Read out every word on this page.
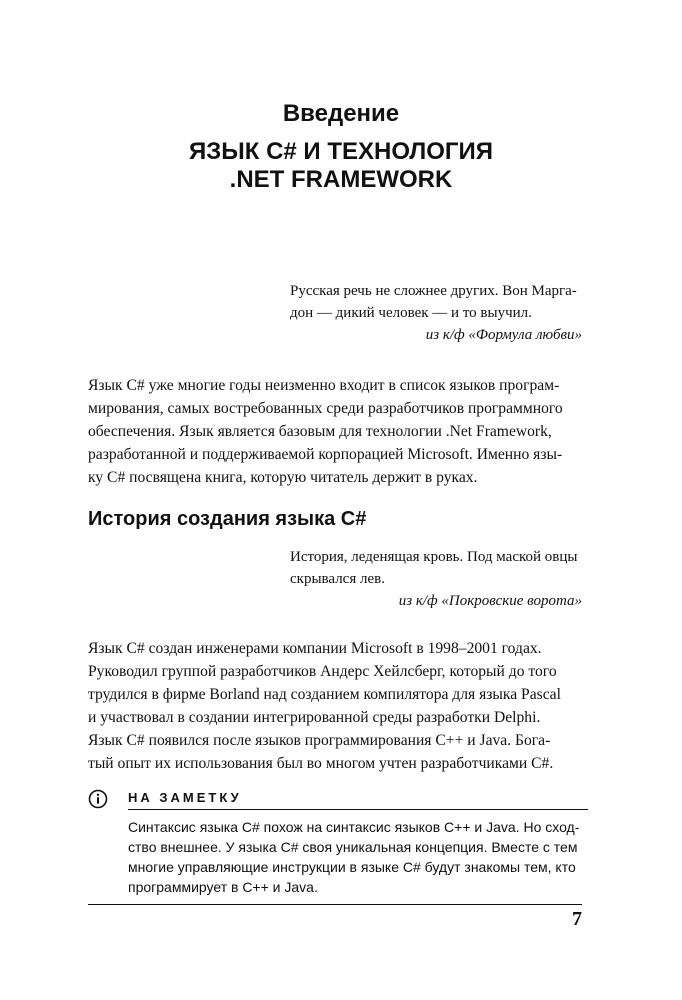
Введение
ЯЗЫК C# И ТЕХНОЛОГИЯ
.NET FRAMEWORK
Русская речь не сложнее других. Вон Марга-
дон — дикий человек — и то выучил.
из к/ф «Формула любви»
Язык C# уже многие годы неизменно входит в список языков програм-
мирования, самых востребованных среди разработчиков программного
обеспечения. Язык является базовым для технологии .Net Framework,
разработанной и поддерживаемой корпорацией Microsoft. Именно язы-
ку C# посвящена книга, которую читатель держит в руках.
История создания языка C#
История, леденящая кровь. Под маской овцы
скрывался лев.
из к/ф «Покровские ворота»
Язык C# создан инженерами компании Microsoft в 1998–2001 годах.
Руководил группой разработчиков Андерс Хейлсберг, который до того
трудился в фирме Borland над созданием компилятора для языка Pascal
и участвовал в создании интегрированной среды разработки Delphi.
Язык C# появился после языков программирования C++ и Java. Бога-
тый опыт их использования был во многом учтен разработчиками C#.
НА ЗАМЕТКУ
Синтаксис языка C# похож на синтаксис языков C++ и Java. Но сход-
ство внешнее. У языка C# своя уникальная концепция. Вместе с тем
многие управляющие инструкции в языке C# будут знакомы тем, кто
программирует в C++ и Java.
7
